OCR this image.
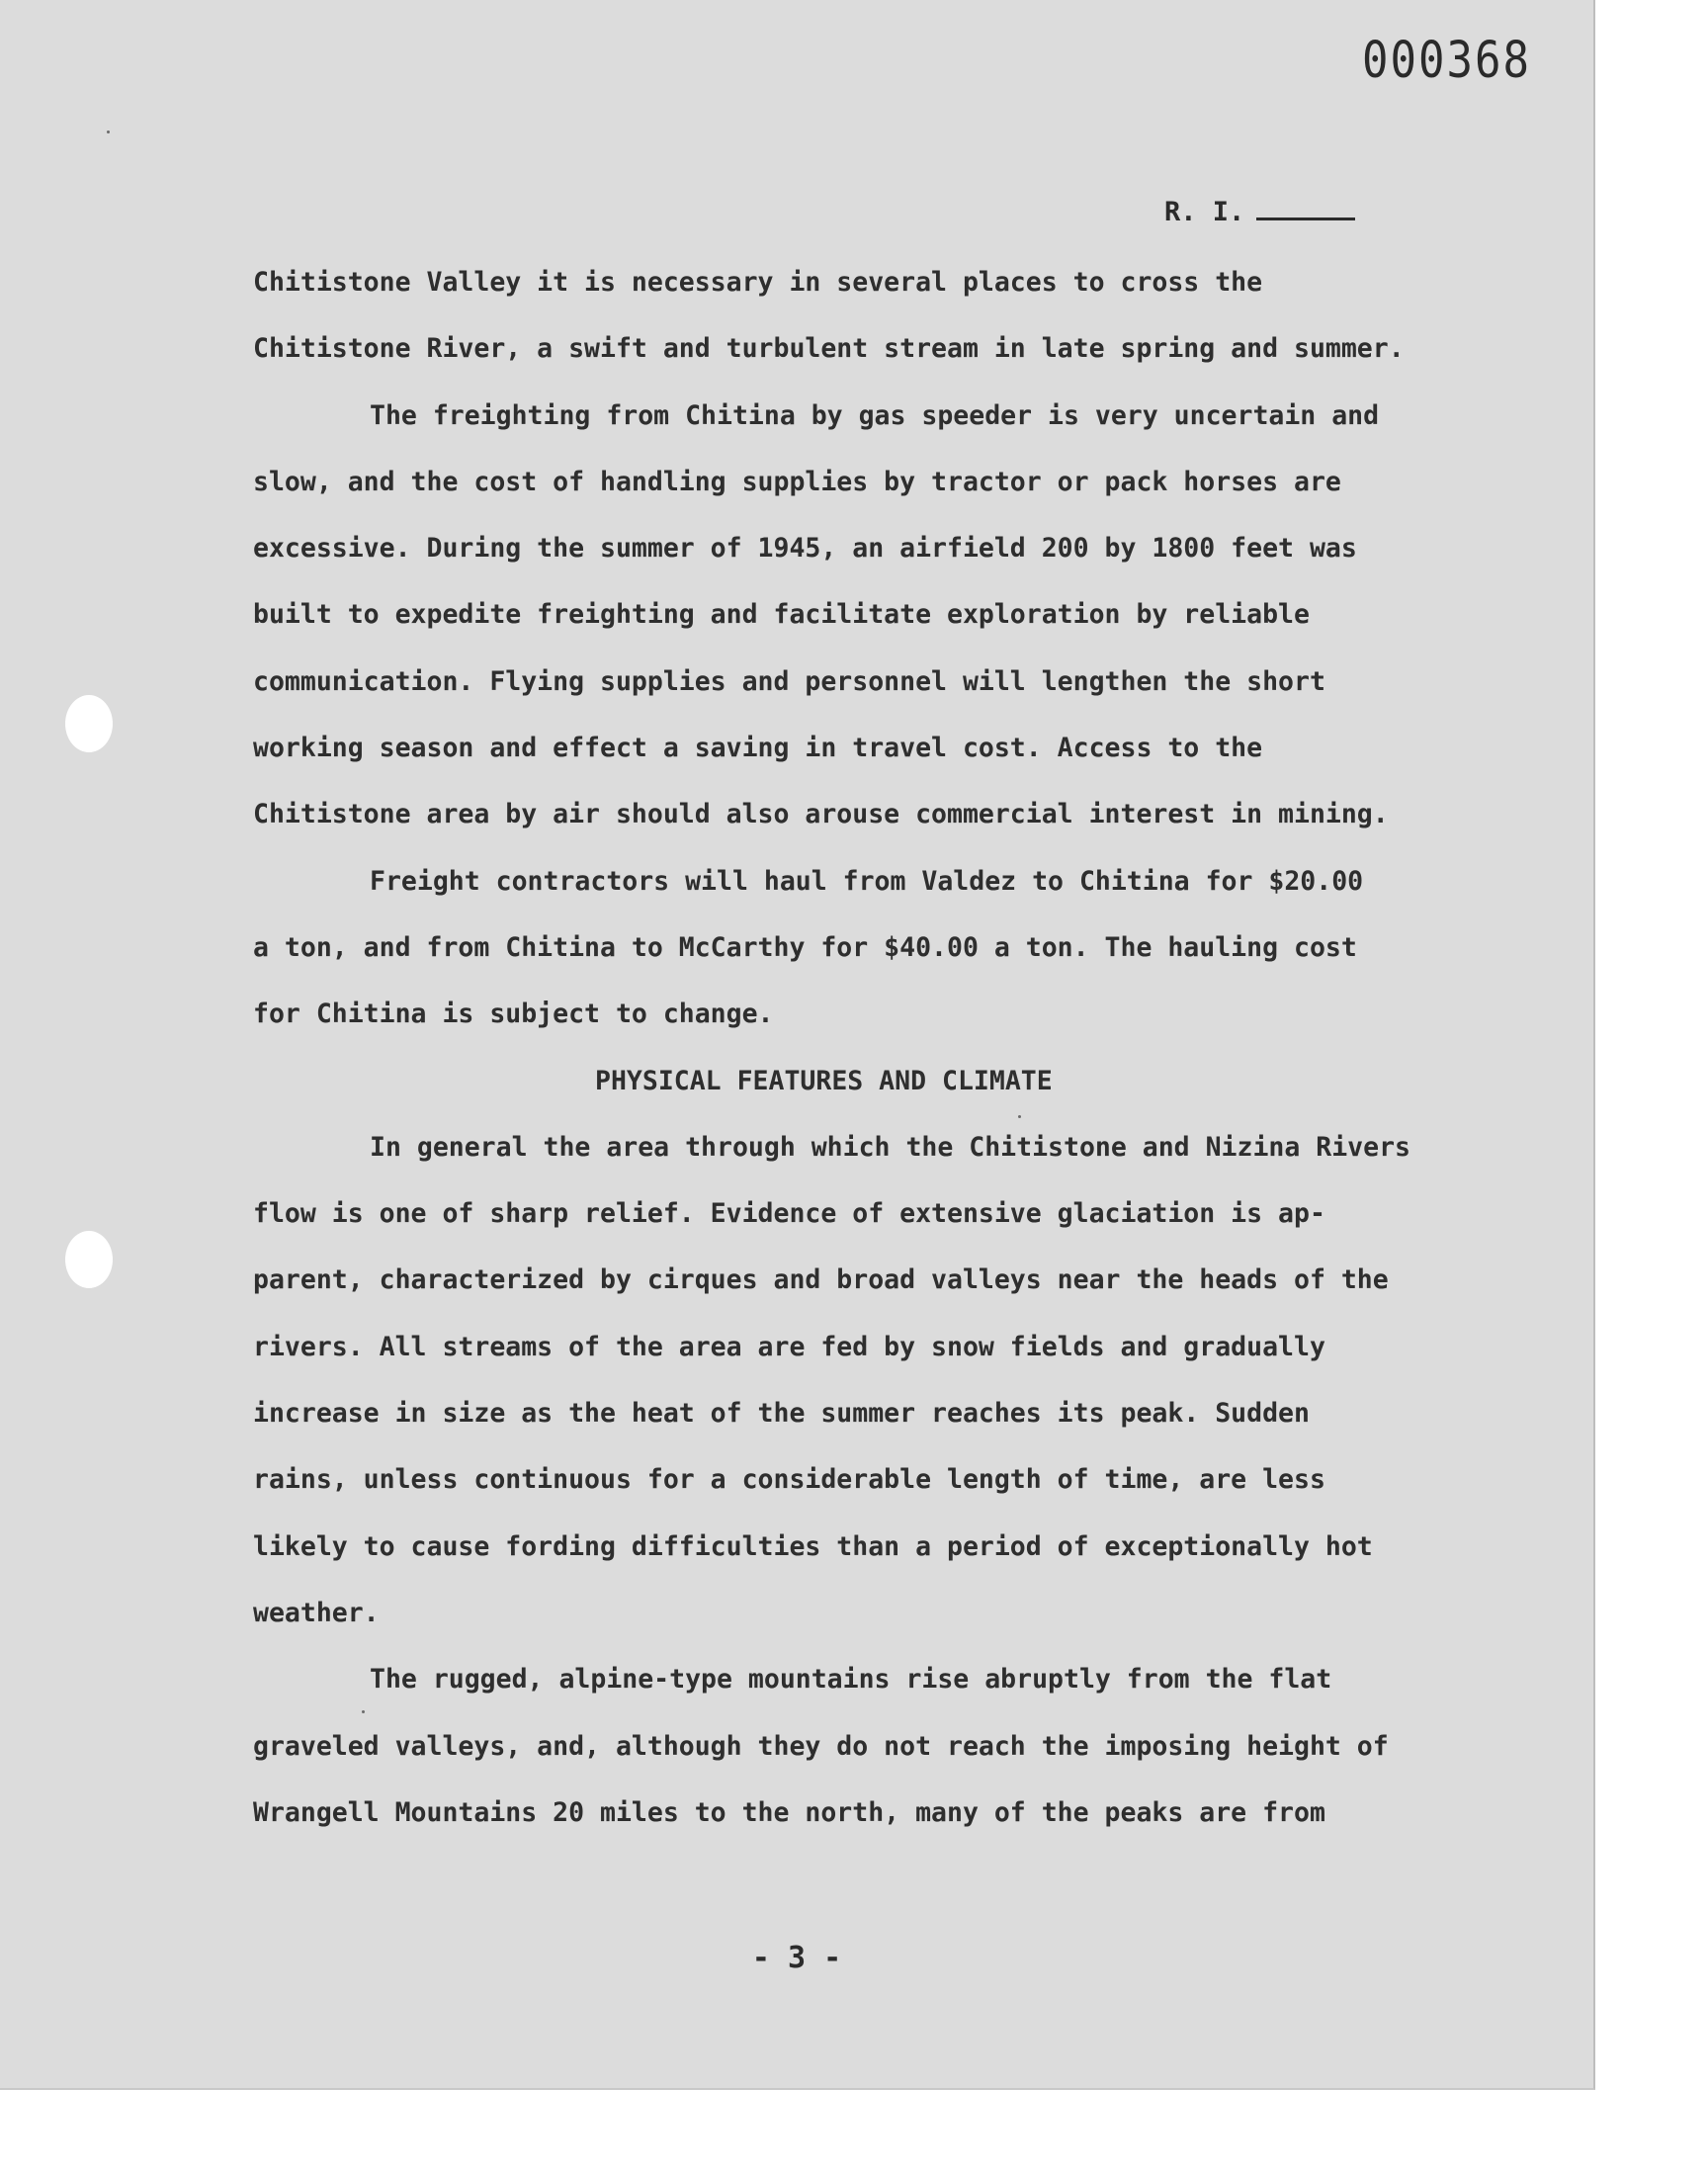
000368
R. I.
Chitistone Valley it is necessary in several places to cross the
Chitistone River, a swift and turbulent stream in late spring and summer.
The freighting from Chitina by gas speeder is very uncertain and
slow, and the cost of handling supplies by tractor or pack horses are
excessive. During the summer of 1945, an airfield 200 by 1800 feet was
built to expedite freighting and facilitate exploration by reliable
communication. Flying supplies and personnel will lengthen the short
working season and effect a saving in travel cost. Access to the
Chitistone area by air should also arouse commercial interest in mining.
Freight contractors will haul from Valdez to Chitina for $20.00
a ton, and from Chitina to McCarthy for $40.00 a ton. The hauling cost
for Chitina is subject to change.
PHYSICAL FEATURES AND CLIMATE
In general the area through which the Chitistone and Nizina Rivers
flow is one of sharp relief. Evidence of extensive glaciation is ap-
parent, characterized by cirques and broad valleys near the heads of the
rivers. All streams of the area are fed by snow fields and gradually
increase in size as the heat of the summer reaches its peak. Sudden
rains, unless continuous for a considerable length of time, are less
likely to cause fording difficulties than a period of exceptionally hot
weather.
The rugged, alpine-type mountains rise abruptly from the flat
graveled valleys, and, although they do not reach the imposing height of
Wrangell Mountains 20 miles to the north, many of the peaks are from
- 3 -
